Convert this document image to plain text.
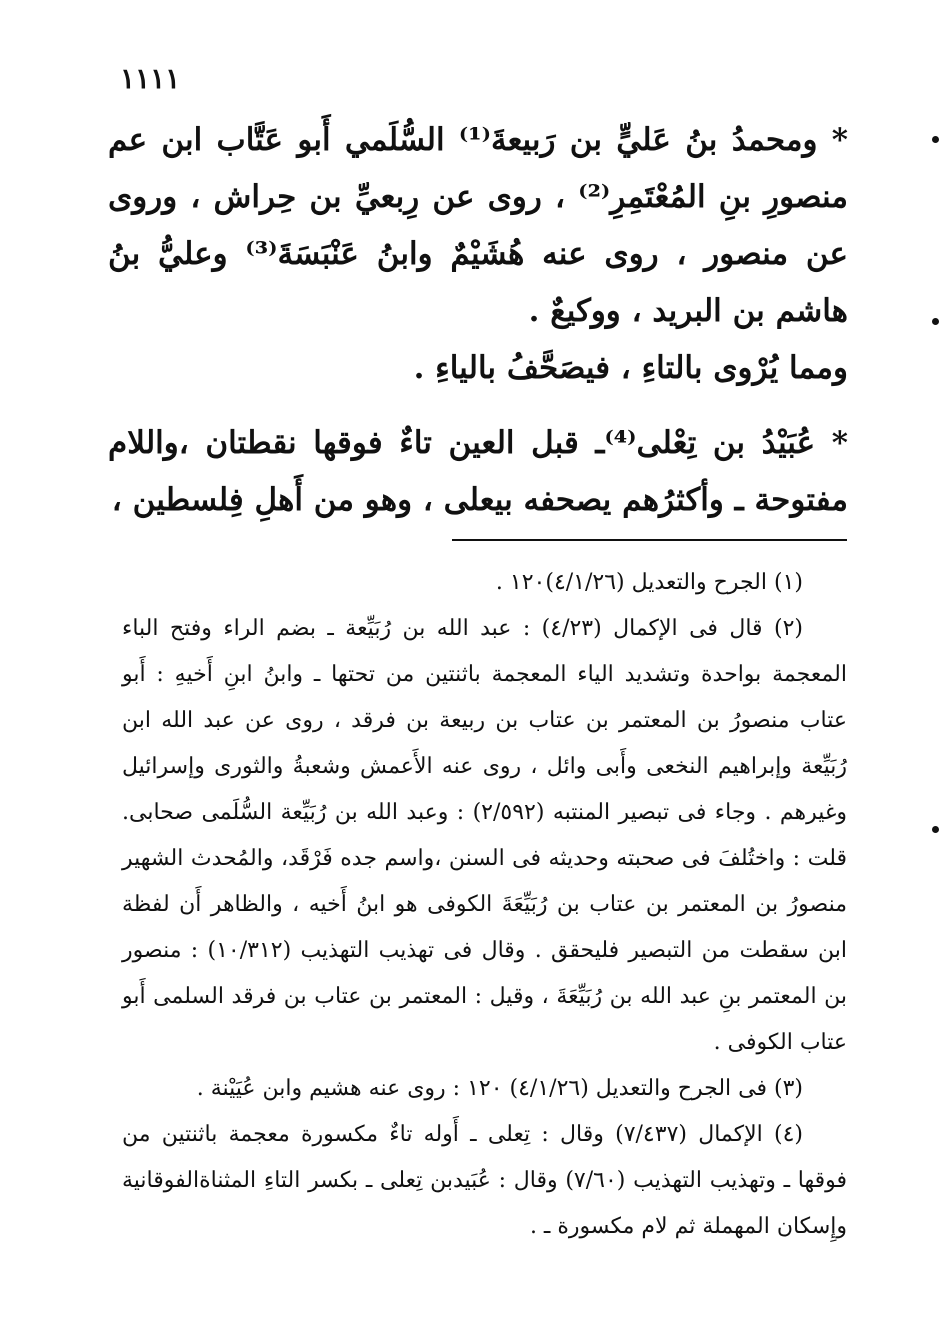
١١١١

* ومحمدُ بنُ عَليٍّ بن رَبيعةَ⁽¹⁾ السُّلَمي أَبو عَتَّاب ابن عم منصورِ بنِ المُعْتَمِرِ⁽²⁾ ، روى عن رِبعيِّ بن حِراش ، وروى عن منصور ، روى عنه هُشَيْمٌ وابنُ عَنْبَسَةَ⁽³⁾ وعليُّ بنُ هاشم بن البريد ، ووكيعٌ .

ومما يُرْوى بالتاءِ ، فيصَحَّفُ بالياءِ .

* عُبَيْدُ بن تِعْلى⁽⁴⁾ـ قبل العين تاءٌ فوقها نقطتان ،واللام مفتوحة ـ وأكثرُهم يصحفه بيعلى ، وهو من أَهلِ فِلسطين ،

(١) الجرح والتعديل (٤/١/٢٦)١٢٠ .

(٢) قال فى الإكمال (٤/٢٣) : عبد الله بن رُبَيِّعة ـ بضم الراء وفتح الباء المعجمة بواحدة وتشديد الياء المعجمة باثنتين من تحتها ـ وابنُ ابنِ أَخيهِ : أَبو عتاب منصورُ بن المعتمر بن عتاب بن ربيعة بن فرقد ، روى عن عبد الله ابن رُبَيِّعة وإبراهيم النخعى وأَبى وائل ، روى عنه الأَعمش وشعبةُ والثورى وإسرائيل وغيرهم . وجاء فى تبصير المنتبه (٢/٥٩٢) : وعبد الله بن رُبَيِّعة السُّلَمى صحابى. قلت : واختُلفَ فى صحبته وحديثه فى السنن ،واسم جده فَرْقَد، والمُحدث الشهير منصورُ بن المعتمر بن عتاب بن رُبَيِّعَةَ الكوفى هو ابنُ أَخيه ، والظاهر أَن لفظة ابن سقطت من التبصير فليحقق . وقال فى تهذيب التهذيب (١٠/٣١٢) : منصور بن المعتمر بنِ عبد الله بن رُبَيِّعَةَ ، وقيل : المعتمر بن عتاب بن فرقد السلمى أَبو عتاب الكوفى .

(٣) فى الجرح والتعديل (٤/١/٢٦) ١٢٠ : روى عنه هشيم وابن عُيَيْنة .

(٤) الإكمال (٧/٤٣٧) وقال : تِعلى ـ أَوله تاءٌ مكسورة معجمة باثنتين من فوقها ـ وتهذيب التهذيب (٧/٦٠) وقال : عُبَيدبن تِعلى ـ بكسر التاءِ المثناةالفوقانية وإِسكان المهملة ثم لام مكسورة ـ .
